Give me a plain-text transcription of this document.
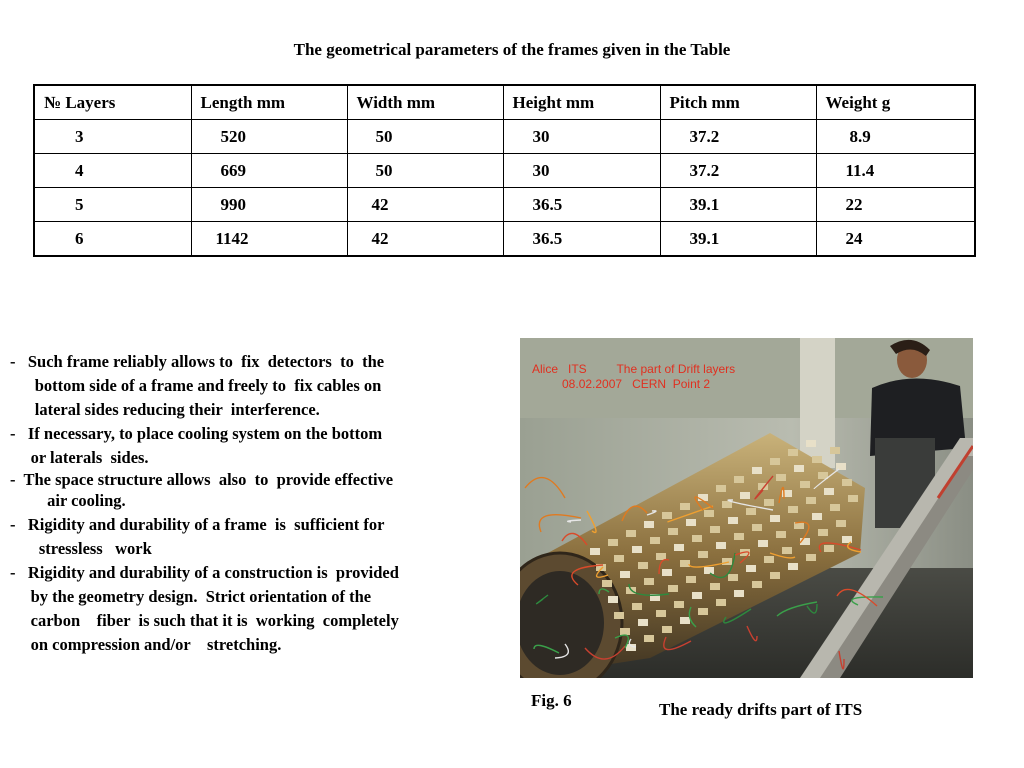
The geometrical parameters of the frames given in the Table
№ Layers	Length mm	Width mm	Height mm	Pitch mm	Weight g
3	520	50	30	37.2	8.9
4	669	50	30	37.2	11.4
5	990	42	36.5	39.1	22
6	1142	42	36.5	39.1	24
-   Such frame reliably allows to  fix  detectors  to  the
bottom side of a frame and freely to  fix cables on
lateral sides reducing their  interference.
-   If necessary, to place cooling system on the bottom
or laterals  sides.
-  The space structure allows  also  to  provide effective
air cooling.
-   Rigidity and durability of a frame  is  sufficient for
stressless   work
-   Rigidity and durability of a construction is  provided
by the geometry design.  Strict orientation of the
carbon    fiber  is such that it is  working  completely
on compression and/or    stretching.
Alice   ITS         The part of Drift layers
08.02.2007   CERN  Point 2
Fig. 6	The ready drifts part of ITS
